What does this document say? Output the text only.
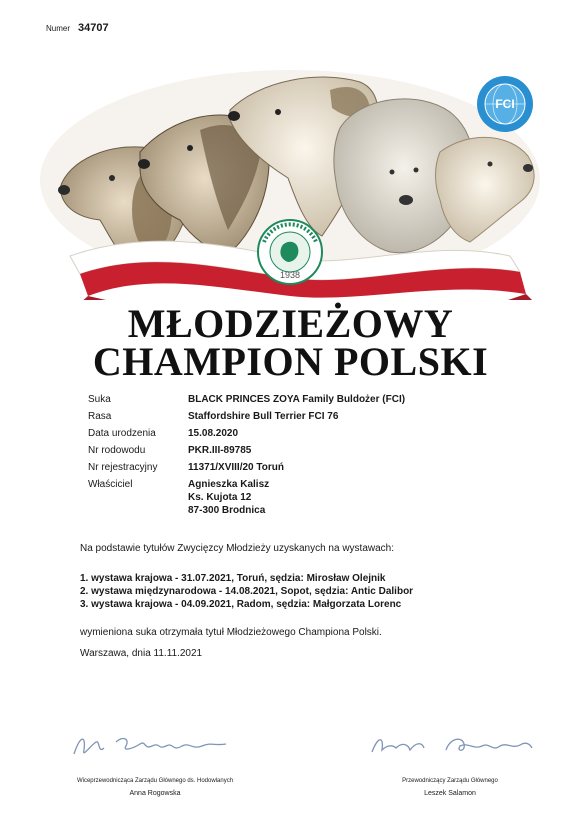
Numer 34707
1938
FCI
MŁODZIEŻOWY
CHAMPION POLSKI
Suka	BLACK PRINCES ZOYA Family Buldożer (FCI)
Rasa	Staffordshire Bull Terrier FCI 76
Data urodzenia	15.08.2020
Nr rodowodu	PKR.III-89785
Nr rejestracyjny	11371/XVIII/20 Toruń
Właściciel	Agnieszka Kalisz
Ks. Kujota 12
87-300 Brodnica
Na podstawie tytułów Zwycięzcy Młodzieży uzyskanych na wystawach:
1. wystawa krajowa - 31.07.2021, Toruń, sędzia: Mirosław Olejnik
2. wystawa międzynarodowa - 14.08.2021, Sopot, sędzia: Antic Dalibor
3. wystawa krajowa - 04.09.2021, Radom, sędzia: Małgorzata Lorenc
wymieniona suka otrzymała tytuł Młodzieżowego Championa Polski.
Warszawa, dnia 11.11.2021
Wiceprzewodnicząca Zarządu Głównego ds. Hodowlanych
Anna Rogowska
Przewodniczący Zarządu Głównego
Leszek Salamon
